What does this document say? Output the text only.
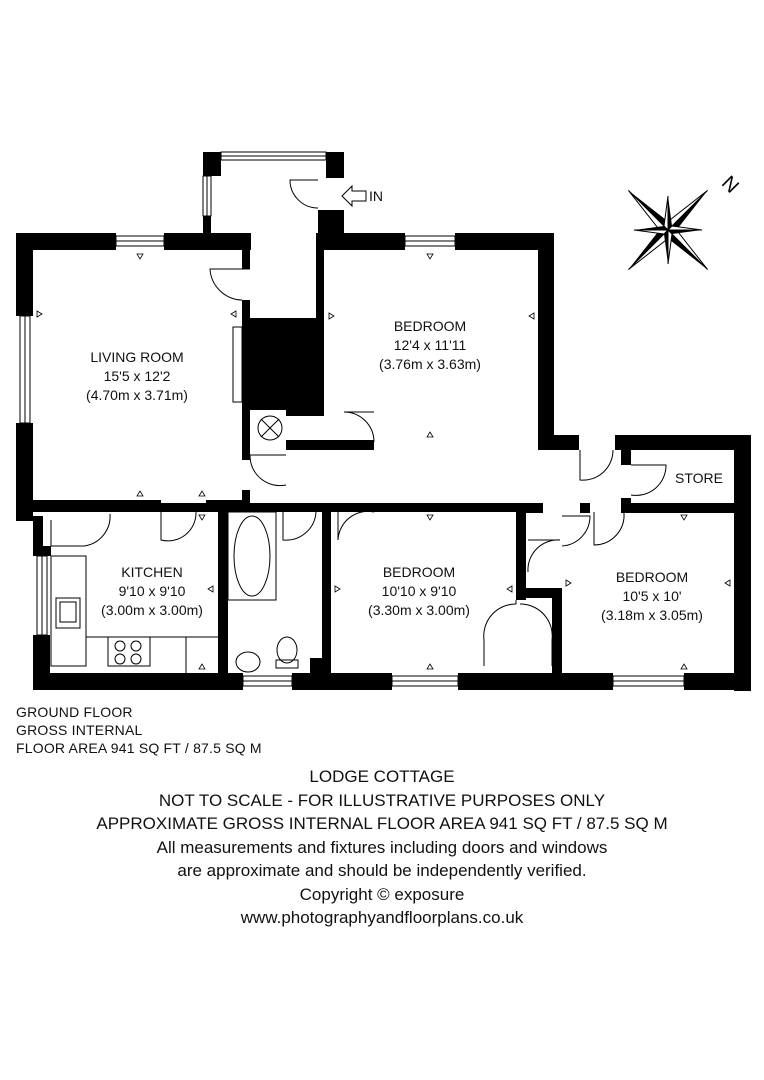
IN	N
LIVING ROOM
15'5 x 12'2
(4.70m x 3.71m)
BEDROOM
12'4 x 11'11
(3.76m x 3.63m)
KITCHEN
9'10 x 9'10
(3.00m x 3.00m)
BEDROOM
10'10 x 9'10
(3.30m x 3.00m)
BEDROOM
10'5 x 10'
(3.18m x 3.05m)
STORE
GROUND FLOOR
GROSS INTERNAL
FLOOR AREA 941 SQ FT / 87.5 SQ M
LODGE COTTAGE
NOT TO SCALE - FOR ILLUSTRATIVE PURPOSES ONLY
APPROXIMATE GROSS INTERNAL FLOOR AREA 941 SQ FT / 87.5 SQ M
All measurements and fixtures including doors and windows
are approximate and should be independently verified.
Copyright © exposure
www.photographyandfloorplans.co.uk
